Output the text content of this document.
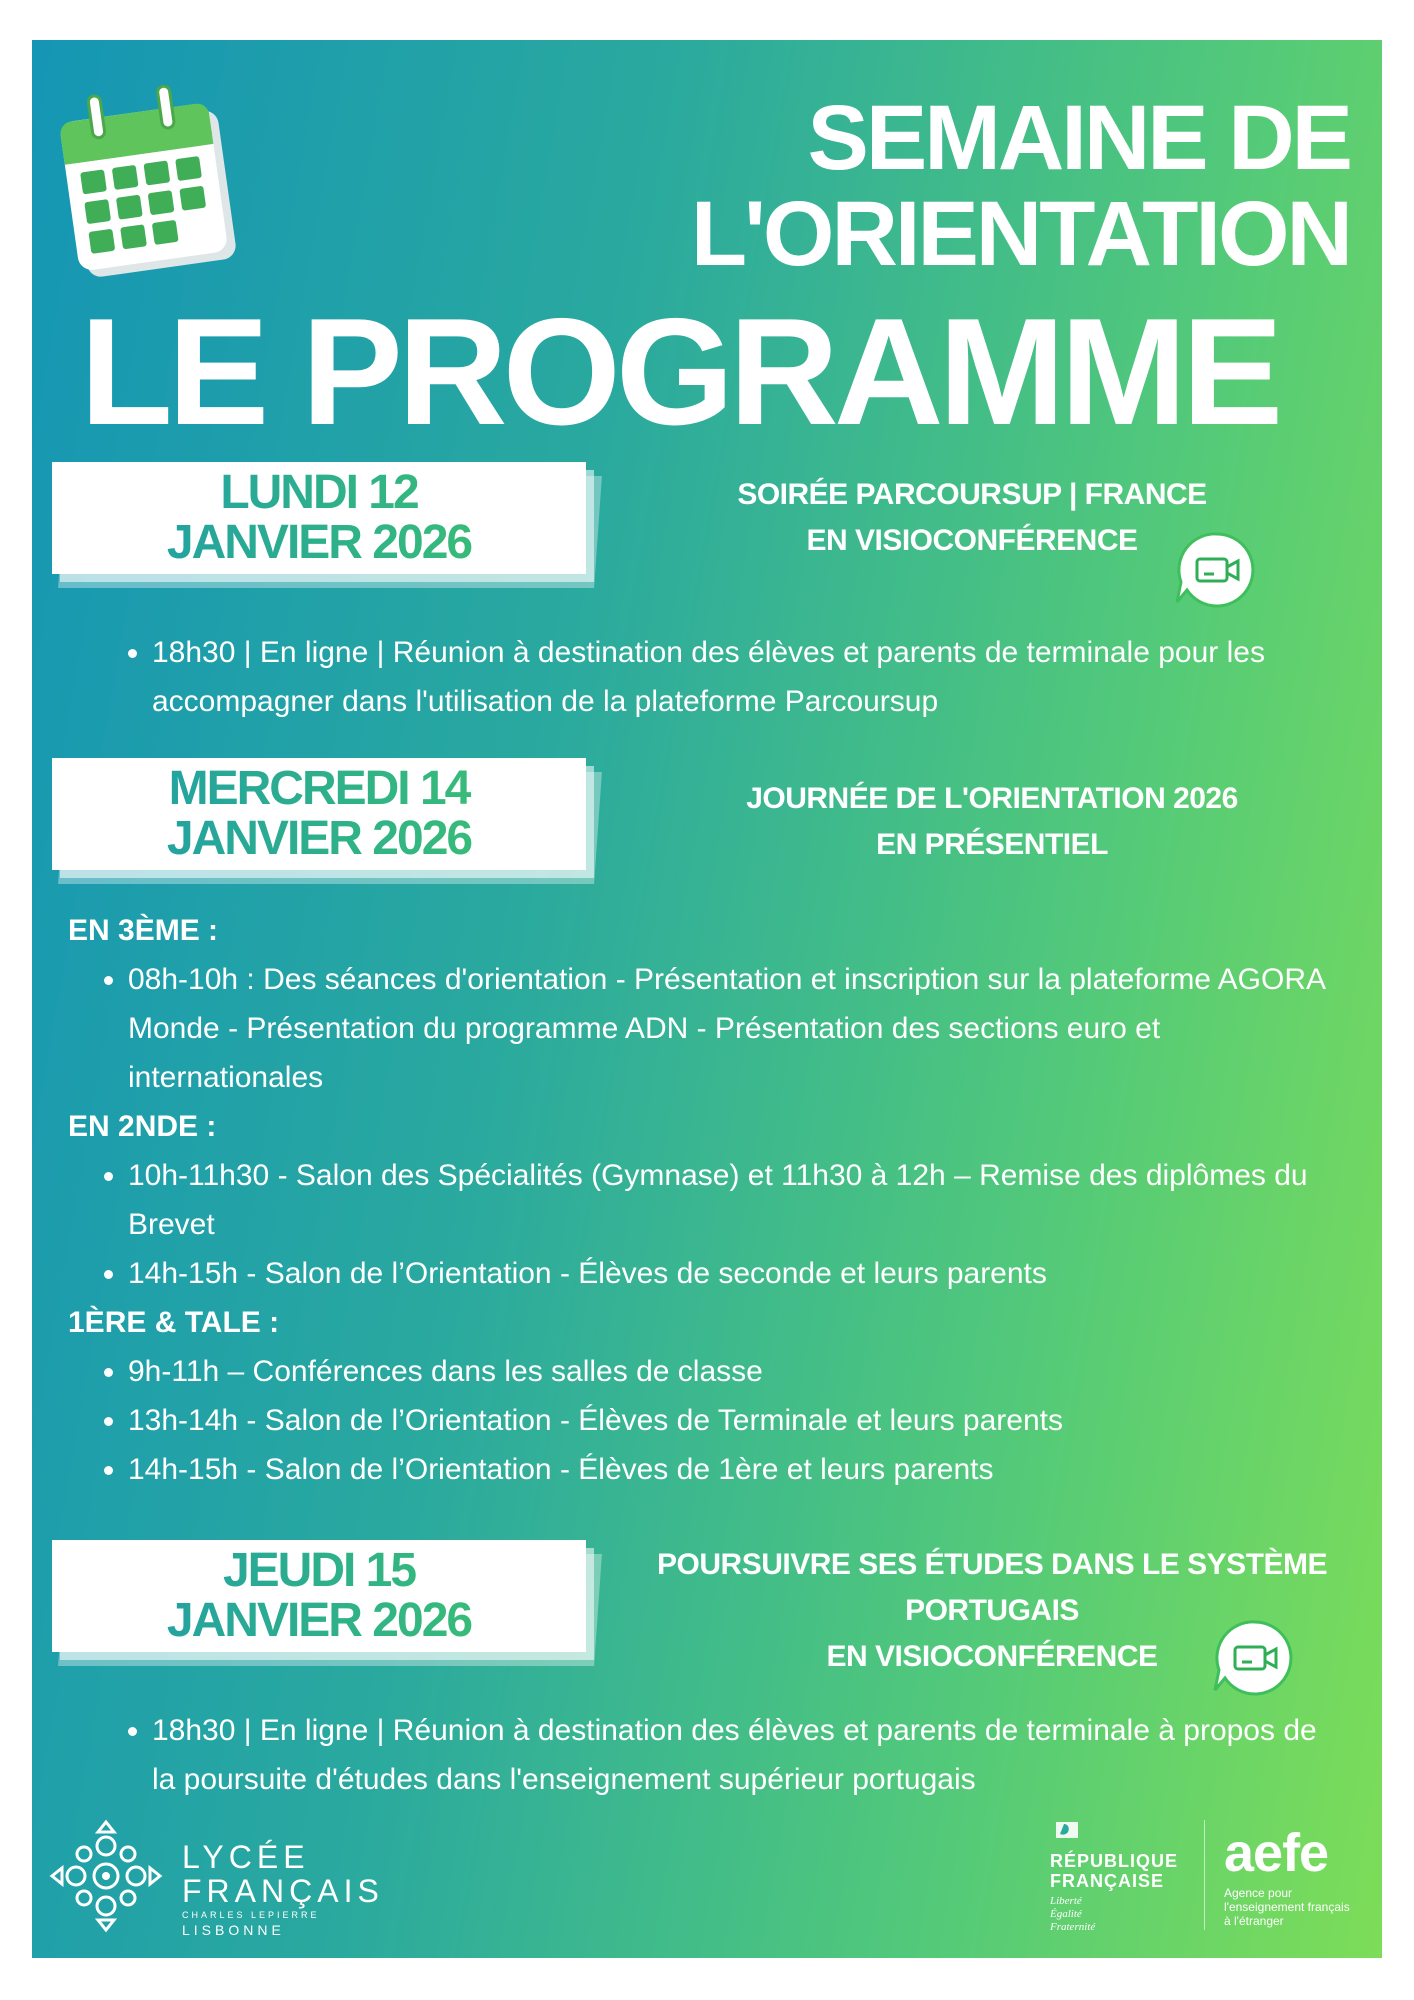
SEMAINE DE
L'ORIENTATION
LE PROGRAMME
LUNDI 12
JANVIER 2026
SOIRÉE PARCOURSUP | FRANCE
EN VISIOCONFÉRENCE
• 18h30 | En ligne | Réunion à destination des élèves et parents de terminale pour les accompagner dans l'utilisation de la plateforme Parcoursup
MERCREDI 14
JANVIER 2026
JOURNÉE DE L'ORIENTATION 2026
EN PRÉSENTIEL
EN 3ÈME :
• 08h-10h : Des séances d'orientation - Présentation et inscription sur la plateforme AGORA Monde - Présentation du programme ADN - Présentation des sections euro et internationales
EN 2NDE :
• 10h-11h30 - Salon des Spécialités (Gymnase) et 11h30 à 12h – Remise des diplômes du Brevet
• 14h-15h - Salon de l’Orientation - Élèves de seconde et leurs parents
1ÈRE & TALE :
• 9h-11h – Conférences dans les salles de classe
• 13h-14h - Salon de l’Orientation - Élèves de Terminale et leurs parents
• 14h-15h - Salon de l’Orientation - Élèves de 1ère et leurs parents
JEUDI 15
JANVIER 2026
POURSUIVRE SES ÉTUDES DANS LE SYSTÈME
PORTUGAIS
EN VISIOCONFÉRENCE
• 18h30 | En ligne | Réunion à destination des élèves et parents de terminale à propos de la poursuite d'études dans l'enseignement supérieur portugais
LYCÉE
FRANÇAIS
CHARLES LEPIERRE
LISBONNE
RÉPUBLIQUE
FRANÇAISE
Liberté
Égalité
Fraternité
aefe
Agence pour
l'enseignement français
à l'étranger
